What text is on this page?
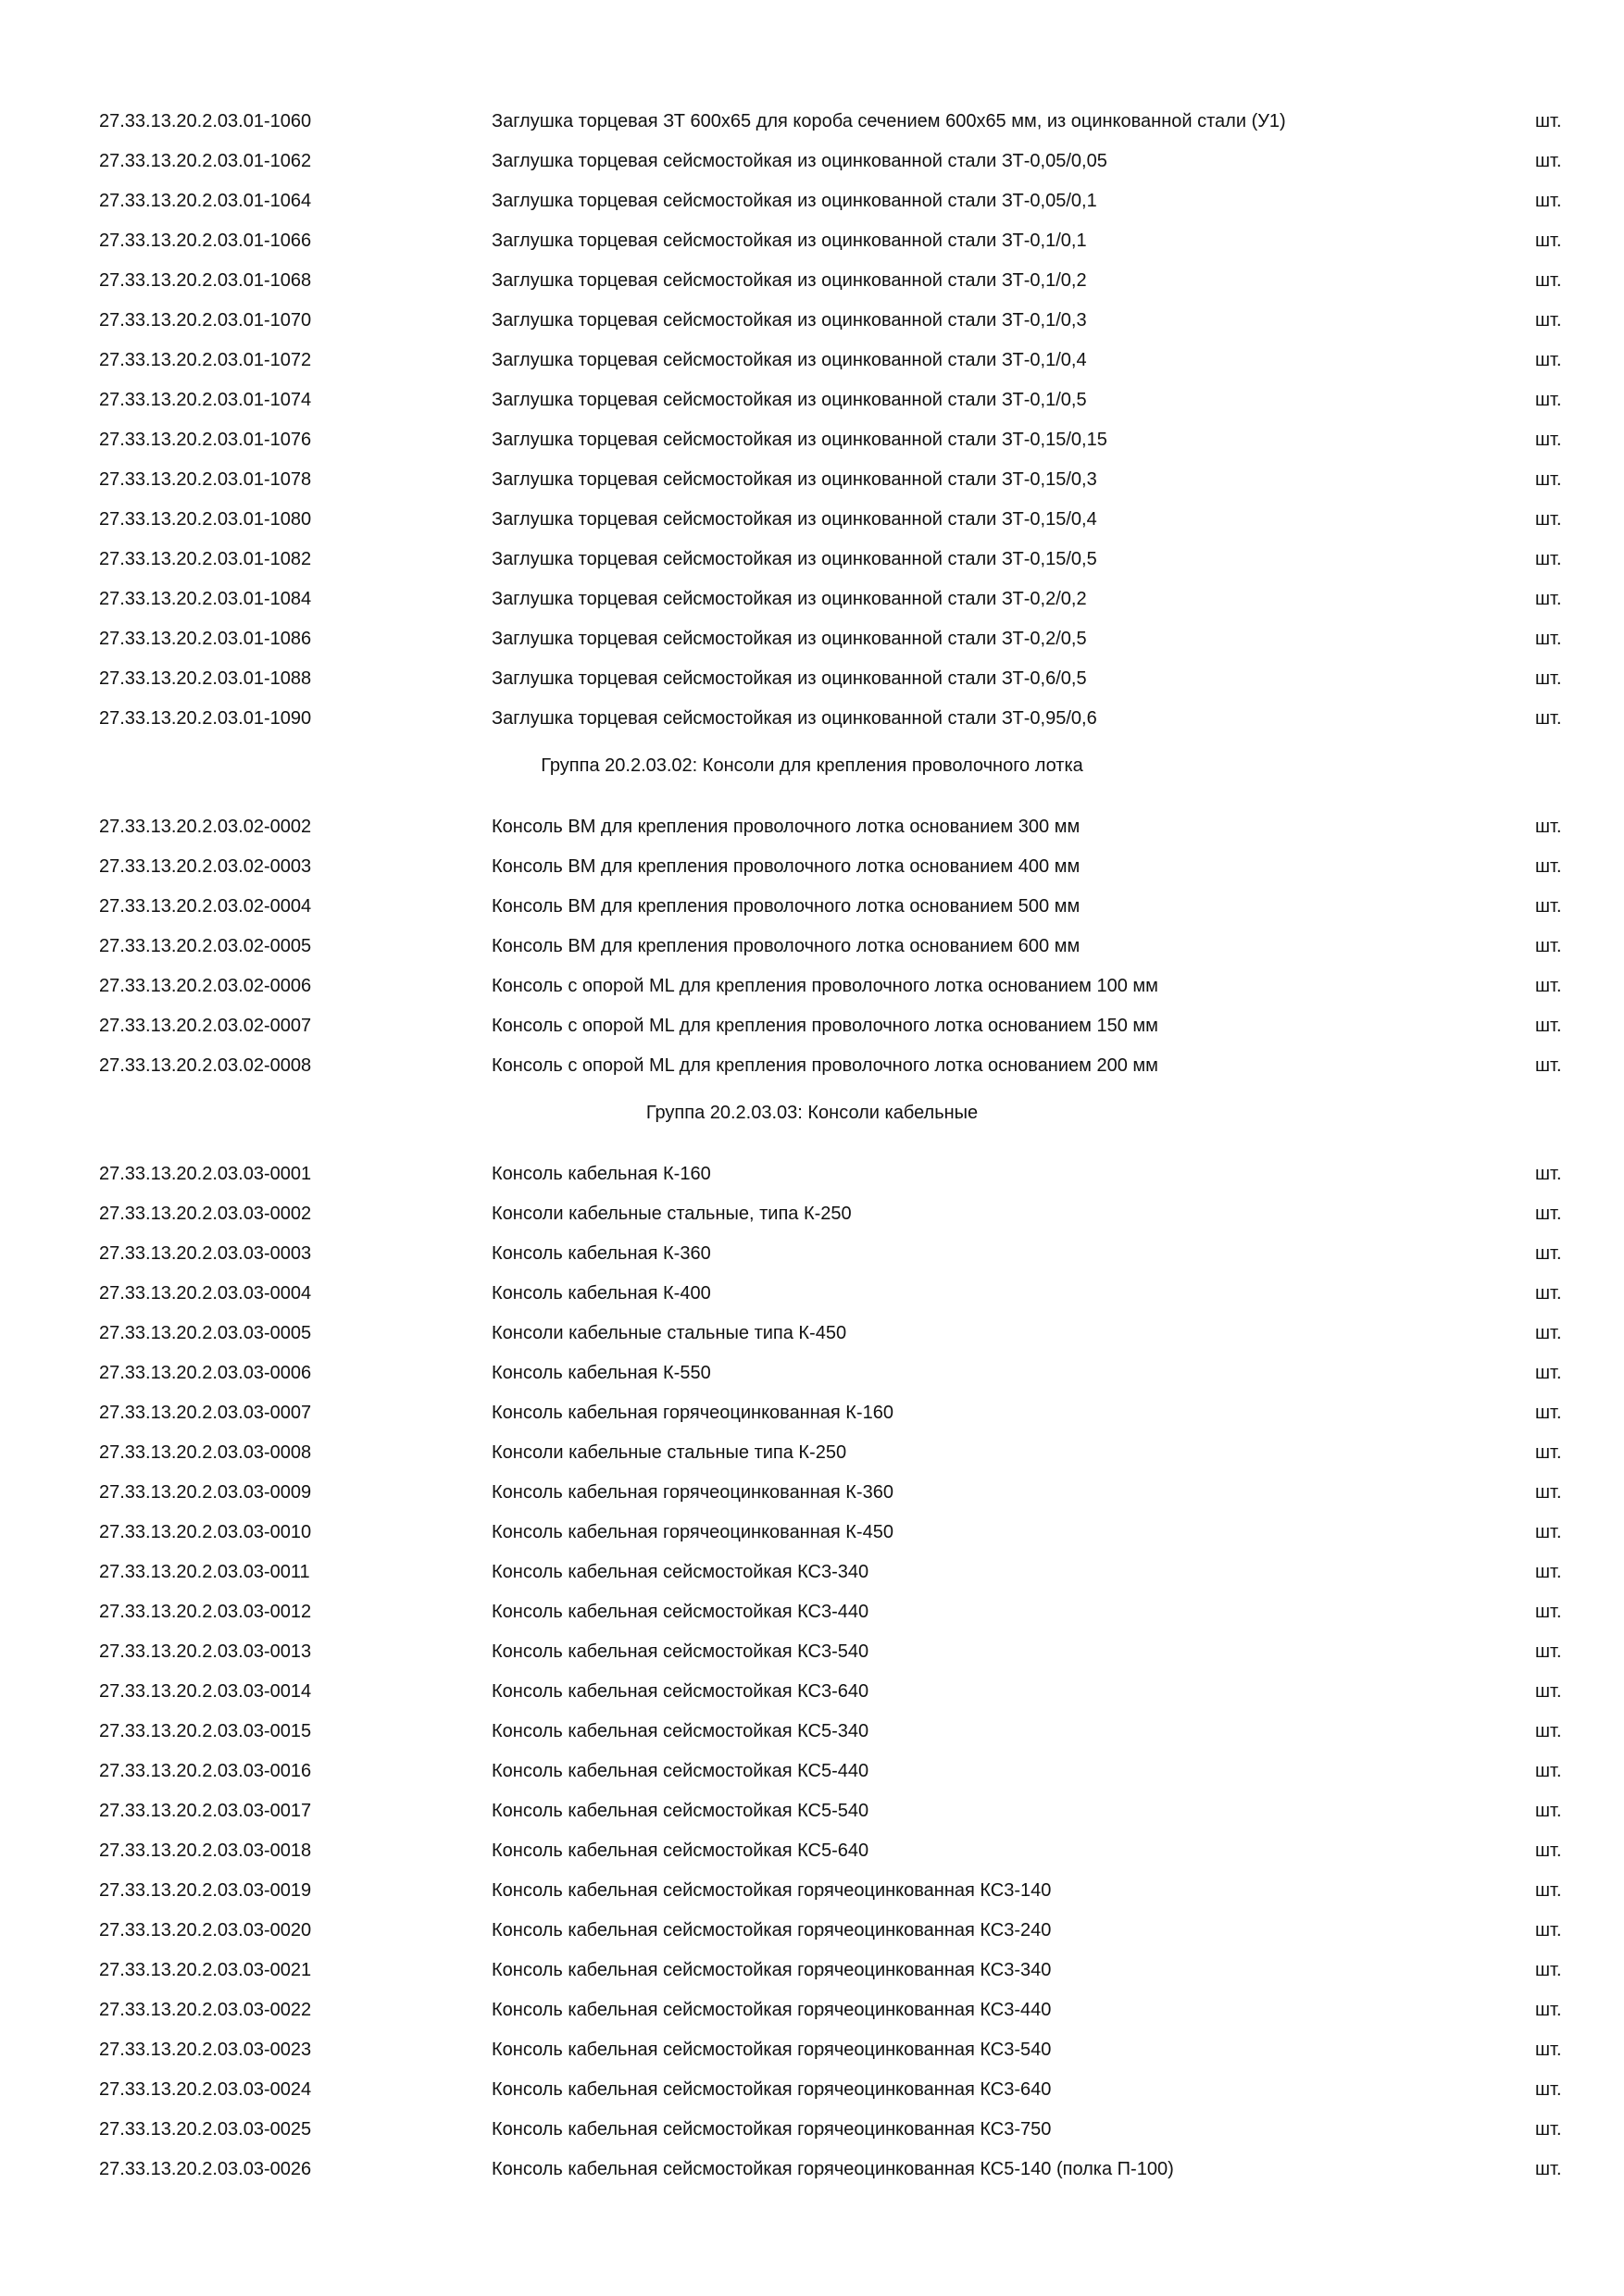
27.33.13.20.2.03.01-1060	Заглушка торцевая ЗТ 600х65 для короба сечением 600х65 мм, из оцинкованной стали (У1)	шт.
27.33.13.20.2.03.01-1062	Заглушка торцевая сейсмостойкая из оцинкованной стали ЗТ-0,05/0,05	шт.
27.33.13.20.2.03.01-1064	Заглушка торцевая сейсмостойкая из оцинкованной стали ЗТ-0,05/0,1	шт.
27.33.13.20.2.03.01-1066	Заглушка торцевая сейсмостойкая из оцинкованной стали ЗТ-0,1/0,1	шт.
27.33.13.20.2.03.01-1068	Заглушка торцевая сейсмостойкая из оцинкованной стали ЗТ-0,1/0,2	шт.
27.33.13.20.2.03.01-1070	Заглушка торцевая сейсмостойкая из оцинкованной стали ЗТ-0,1/0,3	шт.
27.33.13.20.2.03.01-1072	Заглушка торцевая сейсмостойкая из оцинкованной стали ЗТ-0,1/0,4	шт.
27.33.13.20.2.03.01-1074	Заглушка торцевая сейсмостойкая из оцинкованной стали ЗТ-0,1/0,5	шт.
27.33.13.20.2.03.01-1076	Заглушка торцевая сейсмостойкая из оцинкованной стали ЗТ-0,15/0,15	шт.
27.33.13.20.2.03.01-1078	Заглушка торцевая сейсмостойкая из оцинкованной стали ЗТ-0,15/0,3	шт.
27.33.13.20.2.03.01-1080	Заглушка торцевая сейсмостойкая из оцинкованной стали ЗТ-0,15/0,4	шт.
27.33.13.20.2.03.01-1082	Заглушка торцевая сейсмостойкая из оцинкованной стали ЗТ-0,15/0,5	шт.
27.33.13.20.2.03.01-1084	Заглушка торцевая сейсмостойкая из оцинкованной стали ЗТ-0,2/0,2	шт.
27.33.13.20.2.03.01-1086	Заглушка торцевая сейсмостойкая из оцинкованной стали ЗТ-0,2/0,5	шт.
27.33.13.20.2.03.01-1088	Заглушка торцевая сейсмостойкая из оцинкованной стали ЗТ-0,6/0,5	шт.
27.33.13.20.2.03.01-1090	Заглушка торцевая сейсмостойкая из оцинкованной стали ЗТ-0,95/0,6	шт.
Группа 20.2.03.02: Консоли для крепления проволочного лотка
27.33.13.20.2.03.02-0002	Консоль ВМ для крепления проволочного лотка основанием 300 мм	шт.
27.33.13.20.2.03.02-0003	Консоль ВМ для крепления проволочного лотка основанием 400 мм	шт.
27.33.13.20.2.03.02-0004	Консоль ВМ для крепления проволочного лотка основанием 500 мм	шт.
27.33.13.20.2.03.02-0005	Консоль ВМ для крепления проволочного лотка основанием 600 мм	шт.
27.33.13.20.2.03.02-0006	Консоль с опорой ML для крепления проволочного лотка основанием 100 мм	шт.
27.33.13.20.2.03.02-0007	Консоль с опорой ML для крепления проволочного лотка основанием 150 мм	шт.
27.33.13.20.2.03.02-0008	Консоль с опорой ML для крепления проволочного лотка основанием 200 мм	шт.
Группа 20.2.03.03: Консоли кабельные
27.33.13.20.2.03.03-0001	Консоль кабельная К-160	шт.
27.33.13.20.2.03.03-0002	Консоли кабельные стальные, типа К-250	шт.
27.33.13.20.2.03.03-0003	Консоль кабельная К-360	шт.
27.33.13.20.2.03.03-0004	Консоль кабельная К-400	шт.
27.33.13.20.2.03.03-0005	Консоли кабельные стальные типа К-450	шт.
27.33.13.20.2.03.03-0006	Консоль кабельная К-550	шт.
27.33.13.20.2.03.03-0007	Консоль кабельная горячеоцинкованная К-160	шт.
27.33.13.20.2.03.03-0008	Консоли кабельные стальные типа К-250	шт.
27.33.13.20.2.03.03-0009	Консоль кабельная горячеоцинкованная К-360	шт.
27.33.13.20.2.03.03-0010	Консоль кабельная горячеоцинкованная К-450	шт.
27.33.13.20.2.03.03-0011	Консоль кабельная сейсмостойкая КС3-340	шт.
27.33.13.20.2.03.03-0012	Консоль кабельная сейсмостойкая КС3-440	шт.
27.33.13.20.2.03.03-0013	Консоль кабельная сейсмостойкая КС3-540	шт.
27.33.13.20.2.03.03-0014	Консоль кабельная сейсмостойкая КС3-640	шт.
27.33.13.20.2.03.03-0015	Консоль кабельная сейсмостойкая КС5-340	шт.
27.33.13.20.2.03.03-0016	Консоль кабельная сейсмостойкая КС5-440	шт.
27.33.13.20.2.03.03-0017	Консоль кабельная сейсмостойкая КС5-540	шт.
27.33.13.20.2.03.03-0018	Консоль кабельная сейсмостойкая КС5-640	шт.
27.33.13.20.2.03.03-0019	Консоль кабельная сейсмостойкая горячеоцинкованная КС3-140	шт.
27.33.13.20.2.03.03-0020	Консоль кабельная сейсмостойкая горячеоцинкованная КС3-240	шт.
27.33.13.20.2.03.03-0021	Консоль кабельная сейсмостойкая горячеоцинкованная КС3-340	шт.
27.33.13.20.2.03.03-0022	Консоль кабельная сейсмостойкая горячеоцинкованная КС3-440	шт.
27.33.13.20.2.03.03-0023	Консоль кабельная сейсмостойкая горячеоцинкованная КС3-540	шт.
27.33.13.20.2.03.03-0024	Консоль кабельная сейсмостойкая горячеоцинкованная КС3-640	шт.
27.33.13.20.2.03.03-0025	Консоль кабельная сейсмостойкая горячеоцинкованная КС3-750	шт.
27.33.13.20.2.03.03-0026	Консоль кабельная сейсмостойкая горячеоцинкованная КС5-140 (полка П-100)	шт.
